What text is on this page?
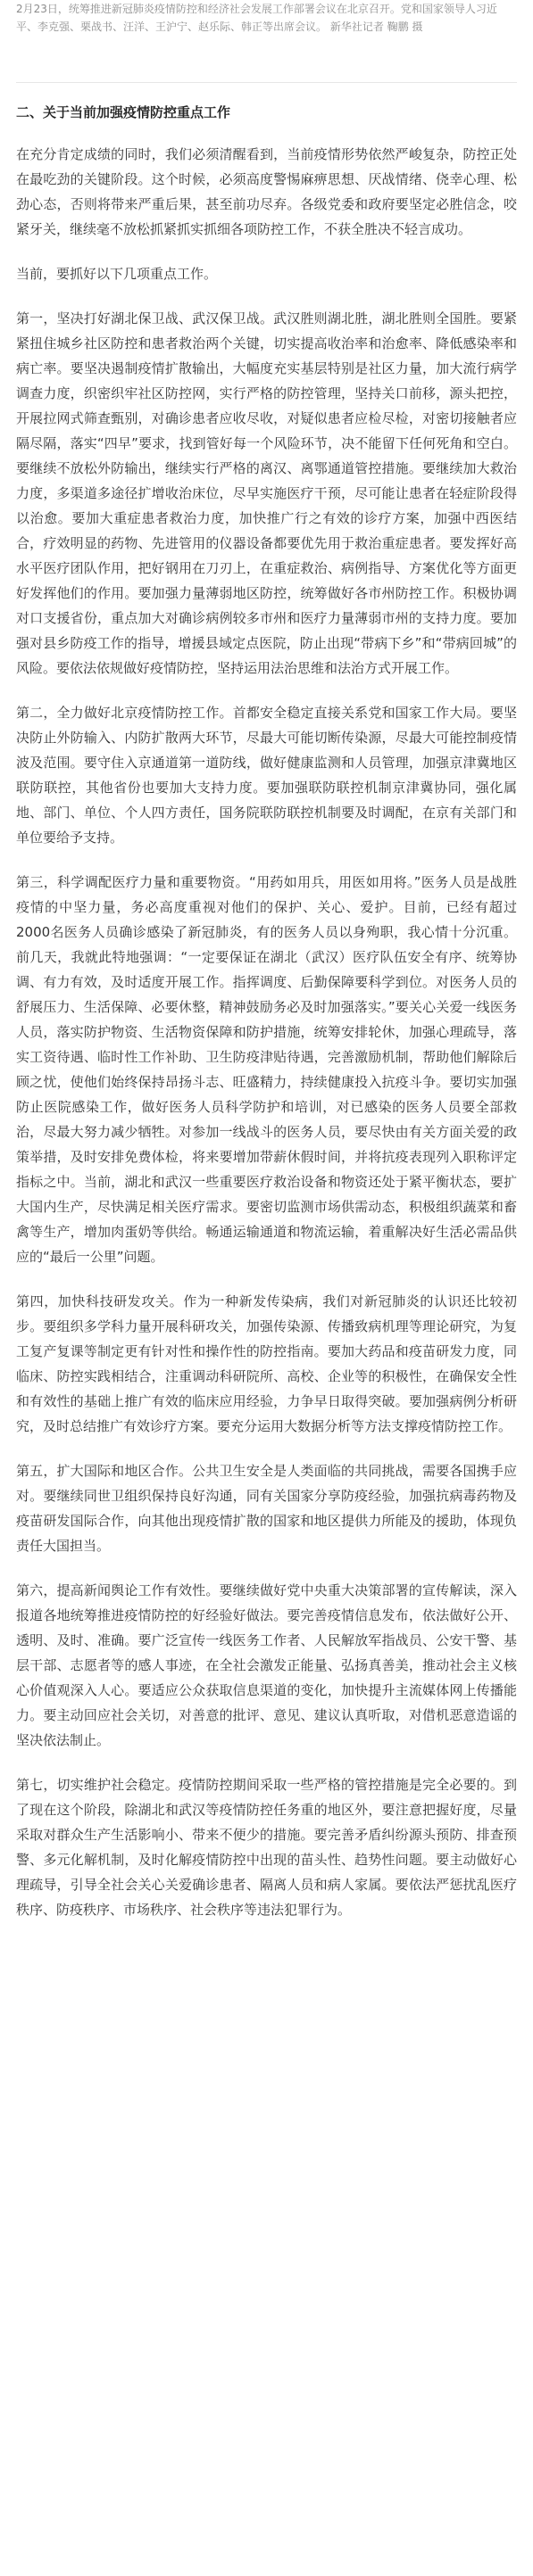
2月23日，统筹推进新冠肺炎疫情防控和经济社会发展工作部署会议在北京召开。党和国家领导人习近平、李克强、栗战书、汪洋、王沪宁、赵乐际、韩正等出席会议。 新华社记者 鞠鹏 摄
二、关于当前加强疫情防控重点工作

在充分肯定成绩的同时，我们必须清醒看到，当前疫情形势依然严峻复杂，防控正处在最吃劲的关键阶段。这个时候，必须高度警惕麻痹思想、厌战情绪、侥幸心理、松劲心态，否则将带来严重后果，甚至前功尽弃。各级党委和政府要坚定必胜信念，咬紧牙关，继续毫不放松抓紧抓实抓细各项防控工作，不获全胜决不轻言成功。

当前，要抓好以下几项重点工作。

第一，坚决打好湖北保卫战、武汉保卫战。武汉胜则湖北胜，湖北胜则全国胜。要紧紧扭住城乡社区防控和患者救治两个关键，切实提高收治率和治愈率、降低感染率和病亡率。要坚决遏制疫情扩散输出，大幅度充实基层特别是社区力量，加大流行病学调查力度，织密织牢社区防控网，实行严格的防控管理，坚持关口前移，源头把控，开展拉网式筛查甄别，对确诊患者应收尽收，对疑似患者应检尽检，对密切接触者应隔尽隔，落实“四早”要求，找到管好每一个风险环节，决不能留下任何死角和空白。要继续不放松外防输出，继续实行严格的离汉、离鄂通道管控措施。要继续加大救治力度，多渠道多途径扩增收治床位，尽早实施医疗干预，尽可能让患者在轻症阶段得以治愈。要加大重症患者救治力度，加快推广行之有效的诊疗方案，加强中西医结合，疗效明显的药物、先进管用的仪器设备都要优先用于救治重症患者。要发挥好高水平医疗团队作用，把好钢用在刀刃上，在重症救治、病例指导、方案优化等方面更好发挥他们的作用。要加强力量薄弱地区防控，统筹做好各市州防控工作。积极协调对口支援省份，重点加大对确诊病例较多市州和医疗力量薄弱市州的支持力度。要加强对县乡防疫工作的指导，增援县域定点医院，防止出现“带病下乡”和“带病回城”的风险。要依法依规做好疫情防控，坚持运用法治思维和法治方式开展工作。

第二，全力做好北京疫情防控工作。首都安全稳定直接关系党和国家工作大局。要坚决防止外防输入、内防扩散两大环节，尽最大可能切断传染源，尽最大可能控制疫情波及范围。要守住入京通道第一道防线，做好健康监测和人员管理，加强京津冀地区联防联控，其他省份也要加大支持力度。要加强联防联控机制京津冀协同，强化属地、部门、单位、个人四方责任，国务院联防联控机制要及时调配，在京有关部门和单位要给予支持。

第三，科学调配医疗力量和重要物资。“用药如用兵，用医如用将。”医务人员是战胜疫情的中坚力量，务必高度重视对他们的保护、关心、爱护。目前，已经有超过2000名医务人员确诊感染了新冠肺炎，有的医务人员以身殉职，我心情十分沉重。前几天，我就此特地强调：“一定要保证在湖北（武汉）医疗队伍安全有序、统筹协调、有力有效，及时适度开展工作。指挥调度、后勤保障要科学到位。对医务人员的舒展压力、生活保障、必要休整，精神鼓励务必及时加强落实。”要关心关爱一线医务人员，落实防护物资、生活物资保障和防护措施，统筹安排轮休，加强心理疏导，落实工资待遇、临时性工作补助、卫生防疫津贴待遇，完善激励机制，帮助他们解除后顾之忧，使他们始终保持昂扬斗志、旺盛精力，持续健康投入抗疫斗争。要切实加强防止医院感染工作，做好医务人员科学防护和培训，对已感染的医务人员要全部救治，尽最大努力减少牺牲。对参加一线战斗的医务人员，要尽快由有关方面关爱的政策举措，及时安排免费体检，将来要增加带薪休假时间，并将抗疫表现列入职称评定指标之中。当前，湖北和武汉一些重要医疗救治设备和物资还处于紧平衡状态，要扩大国内生产，尽快满足相关医疗需求。要密切监测市场供需动态，积极组织蔬菜和畜禽等生产，增加肉蛋奶等供给。畅通运输通道和物流运输，着重解决好生活必需品供应的“最后一公里”问题。

第四，加快科技研发攻关。作为一种新发传染病，我们对新冠肺炎的认识还比较初步。要组织多学科力量开展科研攻关，加强传染源、传播致病机理等理论研究，为复工复产复课等制定更有针对性和操作性的防控指南。要加大药品和疫苗研发力度，同临床、防控实践相结合，注重调动科研院所、高校、企业等的积极性，在确保安全性和有效性的基础上推广有效的临床应用经验，力争早日取得突破。要加强病例分析研究，及时总结推广有效诊疗方案。要充分运用大数据分析等方法支撑疫情防控工作。

第五，扩大国际和地区合作。公共卫生安全是人类面临的共同挑战，需要各国携手应对。要继续同世卫组织保持良好沟通，同有关国家分享防疫经验，加强抗病毒药物及疫苗研发国际合作，向其他出现疫情扩散的国家和地区提供力所能及的援助，体现负责任大国担当。

第六，提高新闻舆论工作有效性。要继续做好党中央重大决策部署的宣传解读，深入报道各地统筹推进疫情防控的好经验好做法。要完善疫情信息发布，依法做好公开、透明、及时、准确。要广泛宣传一线医务工作者、人民解放军指战员、公安干警、基层干部、志愿者等的感人事迹，在全社会激发正能量、弘扬真善美，推动社会主义核心价值观深入人心。要适应公众获取信息渠道的变化，加快提升主流媒体网上传播能力。要主动回应社会关切，对善意的批评、意见、建议认真听取，对借机恶意造谣的坚决依法制止。

第七，切实维护社会稳定。疫情防控期间采取一些严格的管控措施是完全必要的。到了现在这个阶段，除湖北和武汉等疫情防控任务重的地区外，要注意把握好度，尽量采取对群众生产生活影响小、带来不便少的措施。要完善矛盾纠纷源头预防、排查预警、多元化解机制，及时化解疫情防控中出现的苗头性、趋势性问题。要主动做好心理疏导，引导全社会关心关爱确诊患者、隔离人员和病人家属。要依法严惩扰乱医疗秩序、防疫秩序、市场秩序、社会秩序等违法犯罪行为。
